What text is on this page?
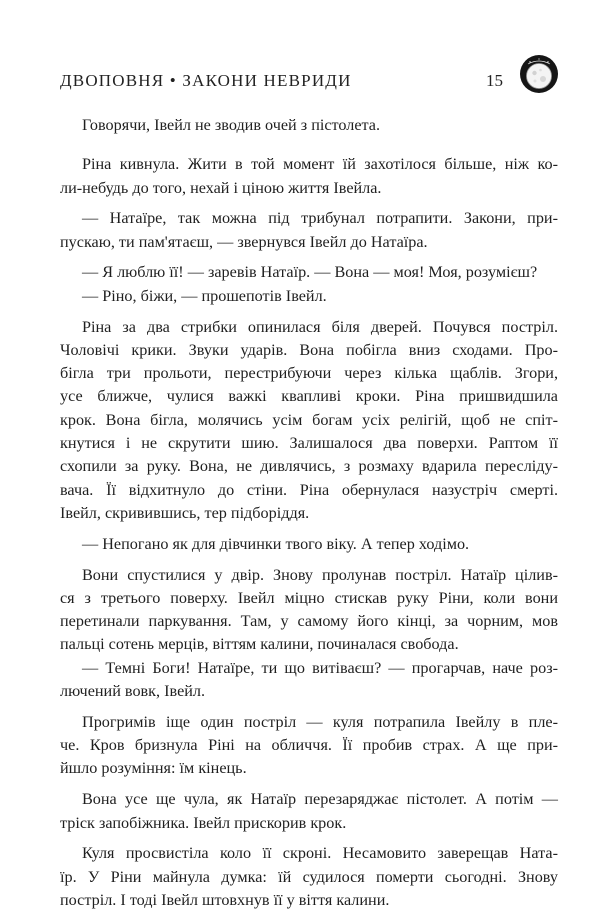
ДВОПОВНЯ • ЗАКОНИ НЕВРИДИ	15

Говорячи, Івейл не зводив очей з пістолета.

Ріна кивнула. Жити в той момент їй захотілося більше, ніж ко-
ли-небудь до того, нехай і ціною життя Івейла.
— Натаїре, так можна під трибунал потрапити. Закони, при-
пускаю, ти пам'ятаєш, — звернувся Івейл до Натаїра.
— Я люблю її! — заревів Натаїр. — Вона — моя! Моя, розумієш?
— Ріно, біжи, — прошепотів Івейл.
Ріна за два стрибки опинилася біля дверей. Почувся постріл.
Чоловічі крики. Звуки ударів. Вона побігла вниз сходами. Про-
бігла три прольоти, перестрибуючи через кілька щаблів. Згори,
усе ближче, чулися важкі квапливі кроки. Ріна пришвидшила
крок. Вона бігла, молячись усім богам усіх релігій, щоб не спіт-
кнутися і не скрутити шию. Залишалося два поверхи. Раптом її
схопили за руку. Вона, не дивлячись, з розмаху вдарила пересліду-
вача. Її відхитнуло до стіни. Ріна обернулася назустріч смерті.
Івейл, скривившись, тер підборіддя.
— Непогано як для дівчинки твого віку. А тепер ходімо.
Вони спустилися у двір. Знову пролунав постріл. Натаїр цілив-
ся з третього поверху. Івейл міцно стискав руку Ріни, коли вони
перетинали паркування. Там, у самому його кінці, за чорним, мов
пальці сотень мерців, віттям калини, починалася свобода.
— Темні Боги! Натаїре, ти що витіваєш? — прогарчав, наче роз-
лючений вовк, Івейл.
Прогримів іще один постріл — куля потрапила Івейлу в пле-
че. Кров бризнула Ріні на обличчя. Її пробив страх. А ще при-
йшло розуміння: їм кінець.
Вона усе ще чула, як Натаїр перезаряджає пістолет. А потім —
тріск запобіжника. Івейл прискорив крок.
Куля просвистіла коло її скроні. Несамовито заверещав Ната-
їр. У Ріни майнула думка: їй судилося померти сьогодні. Знову
постріл. І тоді Івейл штовхнув її у віття калини.
